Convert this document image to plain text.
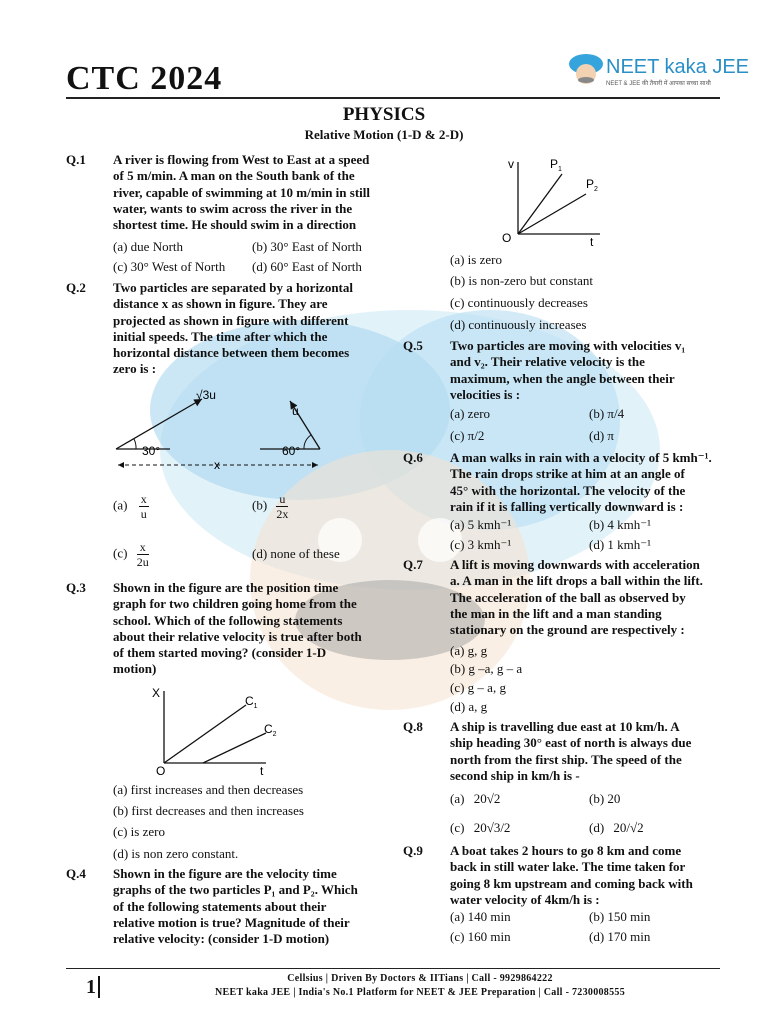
CTC 2024	NEET kaka JEE
NEET & JEE की तैयारी में आपका सच्चा साथी
PHYSICS
Relative Motion (1-D & 2-D)
Q.1 A river is flowing from West to East at a speed
of 5 m/min. A man on the South bank of the
river, capable of swimming at 10 m/min in still
water, wants to swim across the river in the
shortest time. He should swim in a direction
(a) due North	(b) 30° East of North
(c) 30° West of North (d) 60° East of North
Q.2 Two particles are separated by a horizontal
distance x as shown in figure. They are
projected as shown in figure with different
initial speeds. The time after which the
horizontal distance between them becomes
zero is :
√3u
u
30°	60°
x
$(a) \frac{x}{u}$	$(b) \frac{u}{2x}$
$(c) \frac{x}{2u}$	(d) none of these
Q.3 Shown in the figure are the position time
graph for two children going home from the
school. Which of the following statements
about their relative velocity is true after both
of them started moving? (consider 1-D
motion)
X
t
O
$C_1$
$C_2$
(a) first increases and then decreases
(b) first decreases and then increases
(c) is zero
(d) is non zero constant.
Q.4 Shown in the figure are the velocity time
graphs of the two particles P₁ and P₂. Which
of the following statements about their
relative motion is true? Magnitude of their
relative velocity: (consider 1-D motion)
v
t
O
$P_1$
$P_2$
(a) is zero
(b) is non-zero but constant
(c) continuously decreases
(d) continuously increases
Q.5 Two particles are moving with velocities v₁
and v₂. Their relative velocity is the
maximum, when the angle between their
velocities is :
(a) zero	(b) π/4
(c) π/2	(d) π
Q.6 A man walks in rain with a velocity of 5 kmh⁻¹.
The rain drops strike at him at an angle of
45° with the horizontal. The velocity of the
rain if it is falling vertically downward is :
(a) 5 kmh⁻¹	(b) 4 kmh⁻¹
(c) 3 kmh⁻¹	(d) 1 kmh⁻¹
Q.7 A lift is moving downwards with acceleration
a. A man in the lift drops a ball within the lift.
The acceleration of the ball as observed by
the man in the lift and a man standing
stationary on the ground are respectively :
(a) g, g
(b) g –a, g – a
(c) g – a, g
(d) a, g
Q.8 A ship is travelling due east at 10 km/h. A
ship heading 30° east of north is always due
north from the first ship. The speed of the
second ship in km/h is -
(a) 20√2	(b) 20
(c) 20√3/2	(d) 20/√2
Q.9 A boat takes 2 hours to go 8 km and come
back in still water lake. The time taken for
going 8 km upstream and coming back with
water velocity of 4km/h is :
(a) 140 min	(b) 150 min
(c) 160 min	(d) 170 min
1	Cellsius | Driven By Doctors & IITians | Call - 9929864222
NEET kaka JEE | India's No.1 Platform for NEET & JEE Preparation | Call - 7230008555
